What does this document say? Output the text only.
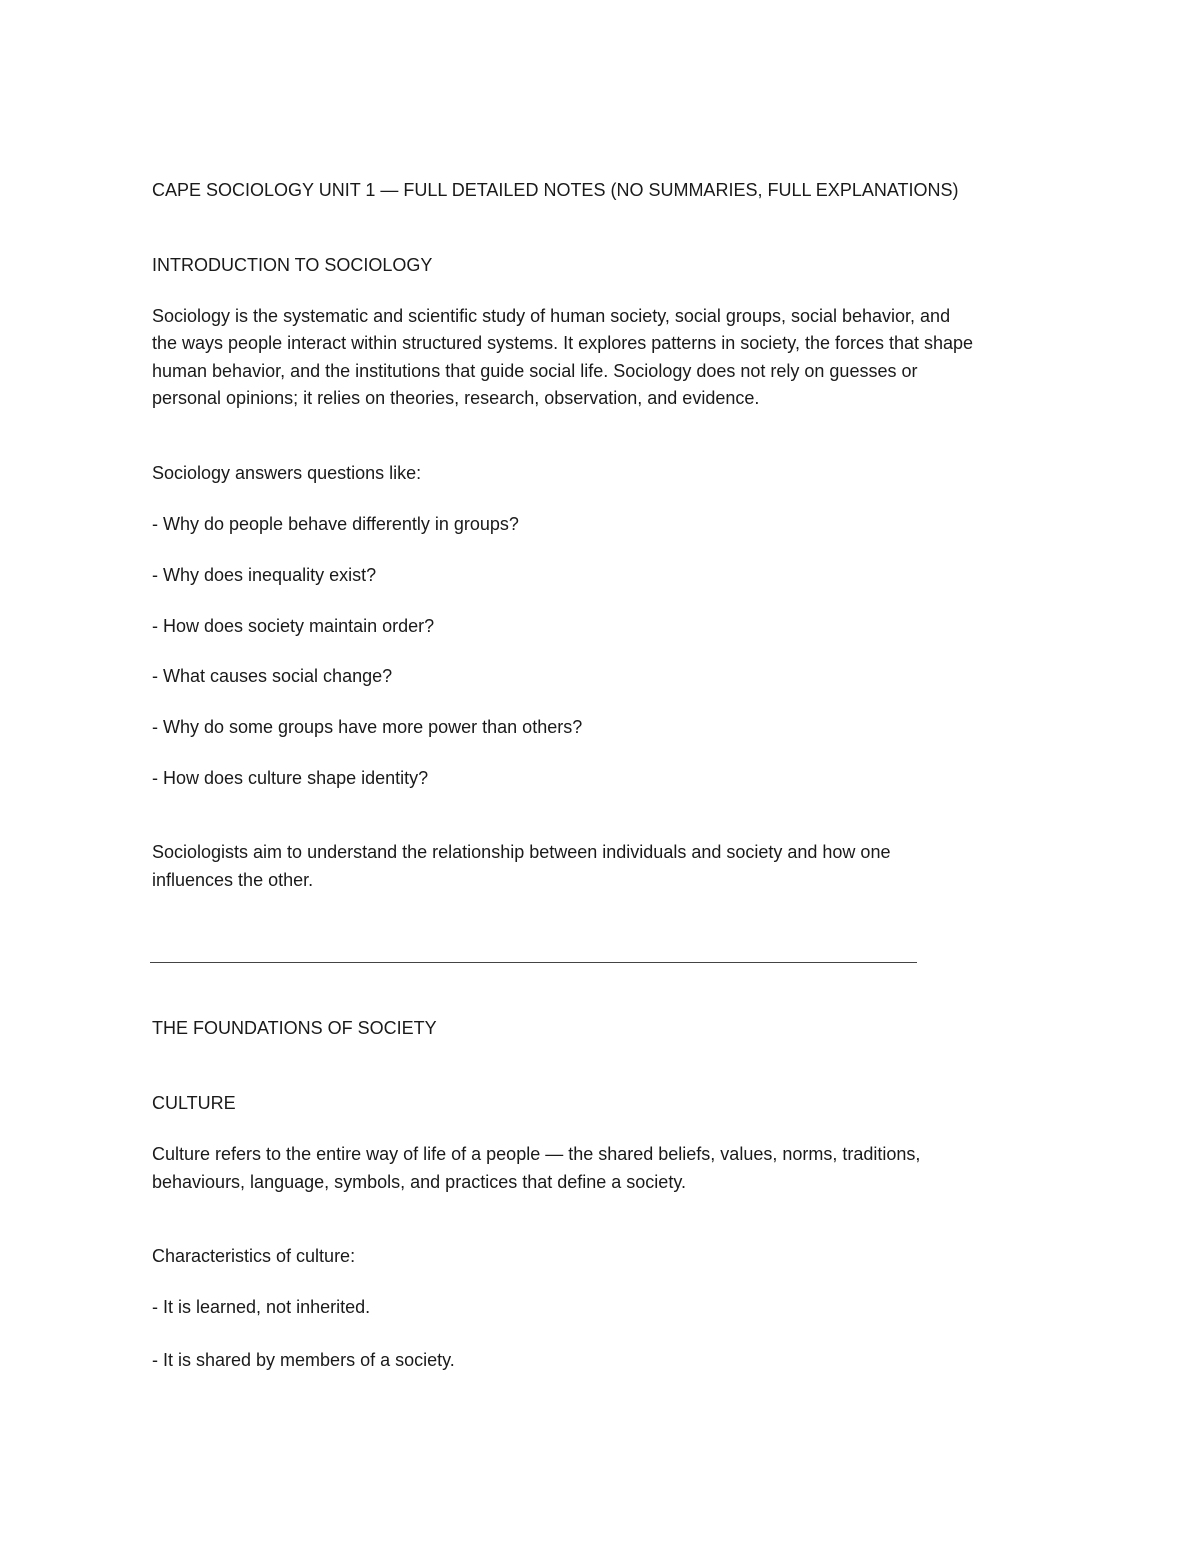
CAPE SOCIOLOGY UNIT 1 — FULL DETAILED NOTES (NO SUMMARIES, FULL EXPLANATIONS)

INTRODUCTION TO SOCIOLOGY

Sociology is the systematic and scientific study of human society, social groups, social behavior, and

the ways people interact within structured systems. It explores patterns in society, the forces that shape

human behavior, and the institutions that guide social life. Sociology does not rely on guesses or

personal opinions; it relies on theories, research, observation, and evidence.

Sociology answers questions like:

- Why do people behave differently in groups?

- Why does inequality exist?

- How does society maintain order?

- What causes social change?

- Why do some groups have more power than others?

- How does culture shape identity?

Sociologists aim to understand the relationship between individuals and society and how one

influences the other.

THE FOUNDATIONS OF SOCIETY

CULTURE

Culture refers to the entire way of life of a people — the shared beliefs, values, norms, traditions,

behaviours, language, symbols, and practices that define a society.

Characteristics of culture:

- It is learned, not inherited.

- It is shared by members of a society.
